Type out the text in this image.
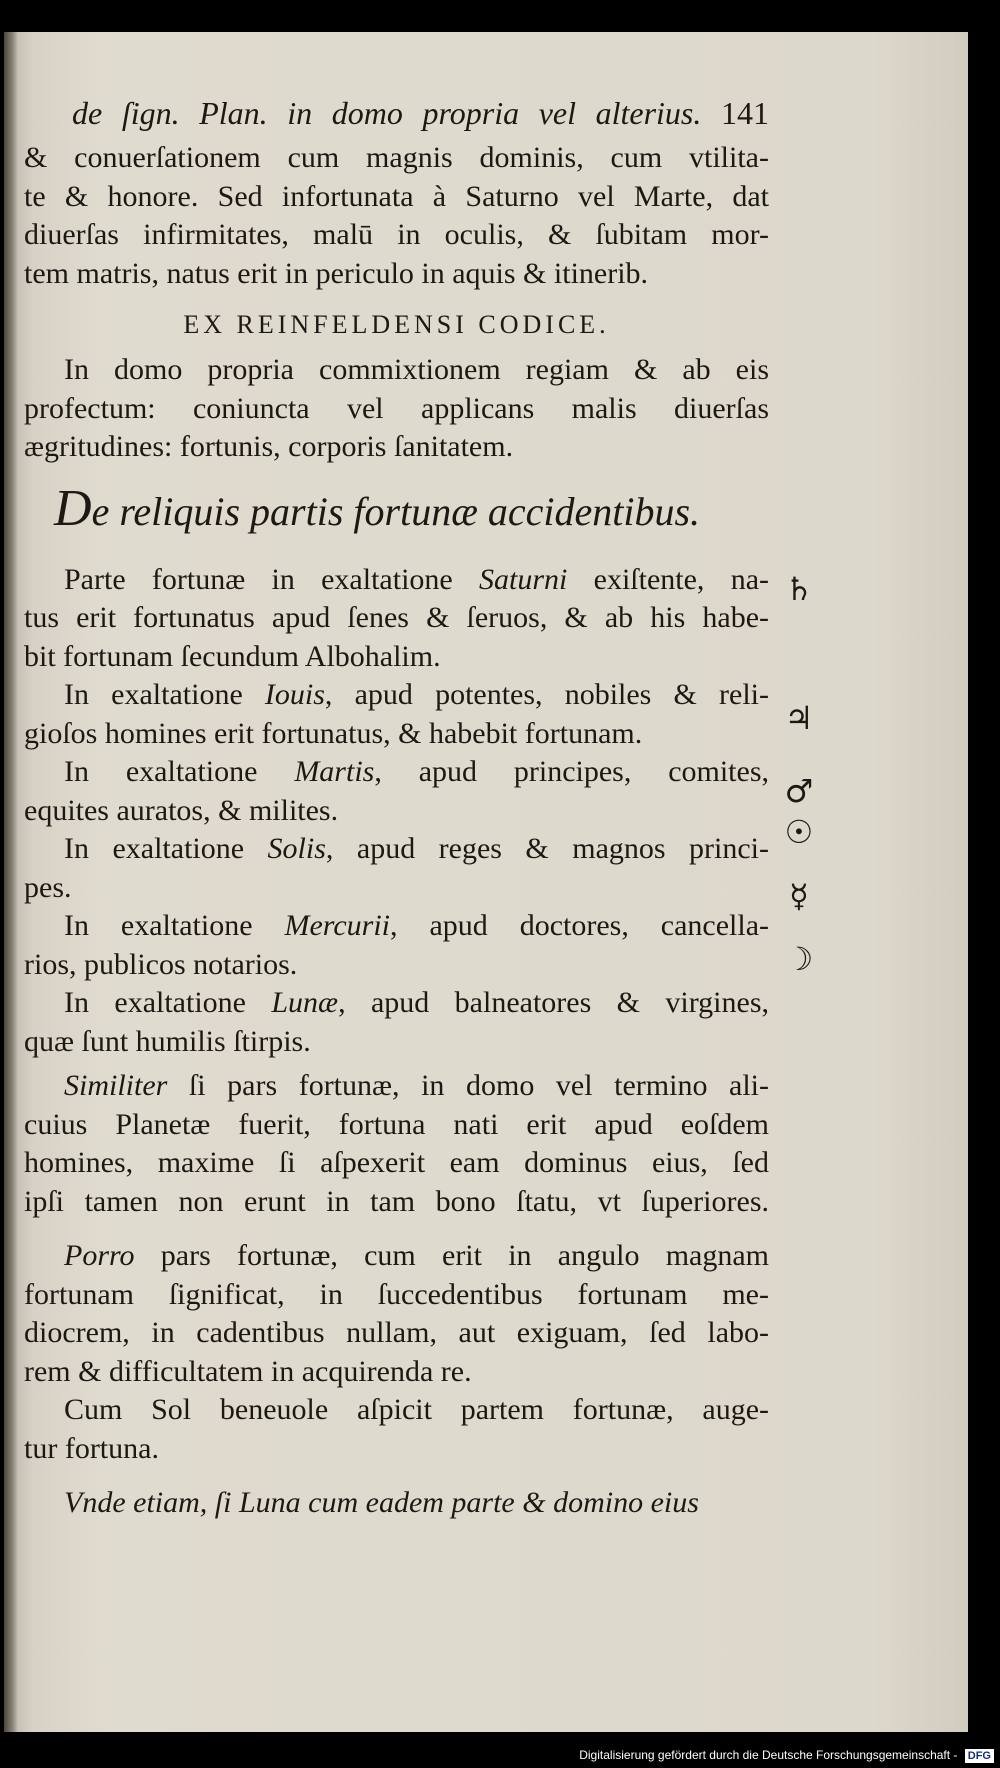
de ſign. Plan. in domo propria vel alterius. 141
& conuerſationem cum magnis dominis, cum vtilita-
te & honore. Sed infortunata à Saturno vel Marte, dat
diuerſas infirmitates, malū in oculis, & ſubitam mor-
tem matris, natus erit in periculo in aquis & itinerib.
EX REINFELDENSI CODICE.
In domo propria commixtionem regiam & ab eis
profectum: coniuncta vel applicans malis diuerſas
ægritudines: fortunis, corporis ſanitatem.
De reliquis partis fortunæ accidentibus.
Parte fortunæ in exaltatione Saturni exiſtente, na-
tus erit fortunatus apud ſenes & ſeruos, & ab his habe-
bit fortunam ſecundum Albohalim.
In exaltatione Iouis, apud potentes, nobiles & reli-
gioſos homines erit fortunatus, & habebit fortunam.
In exaltatione Martis, apud principes, comites,
equites auratos, & milites.
In exaltatione Solis, apud reges & magnos princi-
pes.
In exaltatione Mercurii, apud doctores, cancella-
rios, publicos notarios.
In exaltatione Lunæ, apud balneatores & virgines,
quæ ſunt humilis ſtirpis.
Similiter ſi pars fortunæ, in domo vel termino ali-
cuius Planetæ fuerit, fortuna nati erit apud eoſdem
homines, maxime ſi aſpexerit eam dominus eius, ſed
ipſi tamen non erunt in tam bono ſtatu, vt ſuperiores.
Porro pars fortunæ, cum erit in angulo magnam
fortunam ſignificat, in ſuccedentibus fortunam me-
diocrem, in cadentibus nullam, aut exiguam, ſed labo-
rem & difficultatem in acquirenda re.
Cum Sol beneuole aſpicit partem fortunæ, auge-
tur fortuna.
Vnde etiam, ſi Luna cum eadem parte & domino eius
♄
♃
♂
☉
☿
☽
Digitalisierung gefördert durch die Deutsche Forschungsgemeinschaft - DFG
